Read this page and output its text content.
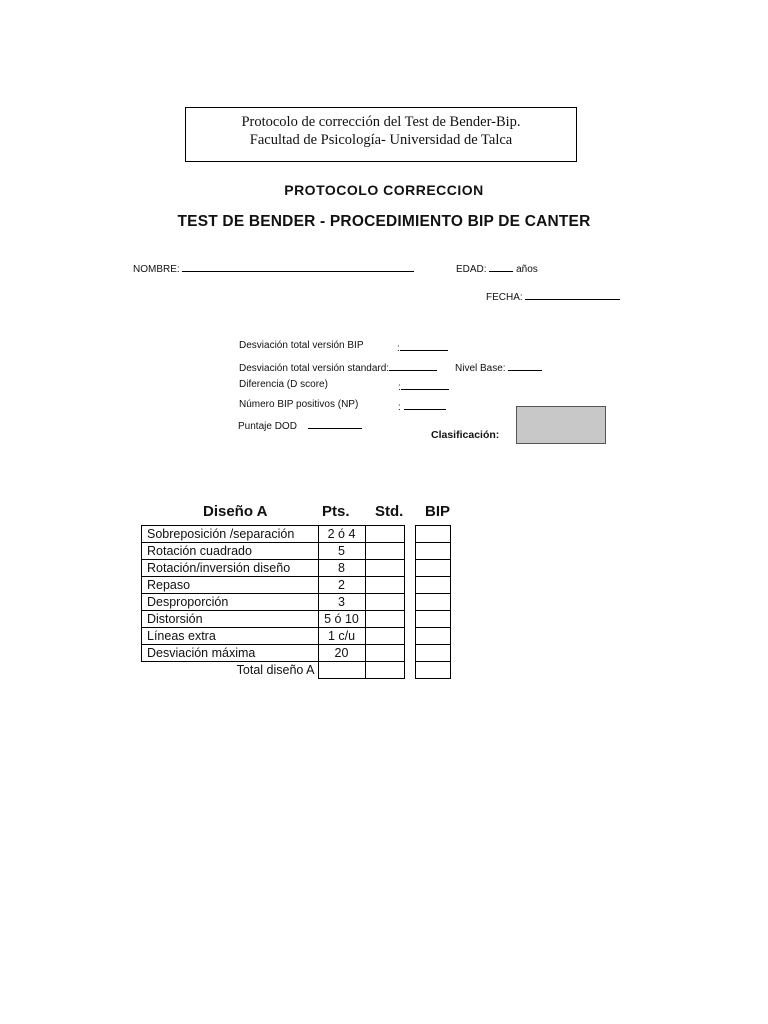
Protocolo de corrección del Test de Bender-Bip.
Facultad de Psicología- Universidad de Talca
PROTOCOLO CORRECCION
TEST DE BENDER - PROCEDIMIENTO BIP DE CANTER
NOMBRE:	EDAD:	años
FECHA:
Desviación total versión BIP	:
Desviación total versión standard:	Nivel Base:
Diferencia (D score)	:
Número BIP positivos (NP)	:
Puntaje DOD
Clasificación:
Diseño A	Pts. Std. BIP
Sobreposición /separación	2 ó 4			
Rotación cuadrado	5			
Rotación/inversión diseño	8			
Repaso	2			
Desproporción	3			
Distorsión	5 ó 10			
Líneas extra	1 c/u			
Desviación máxima	20			
Total diseño A				
